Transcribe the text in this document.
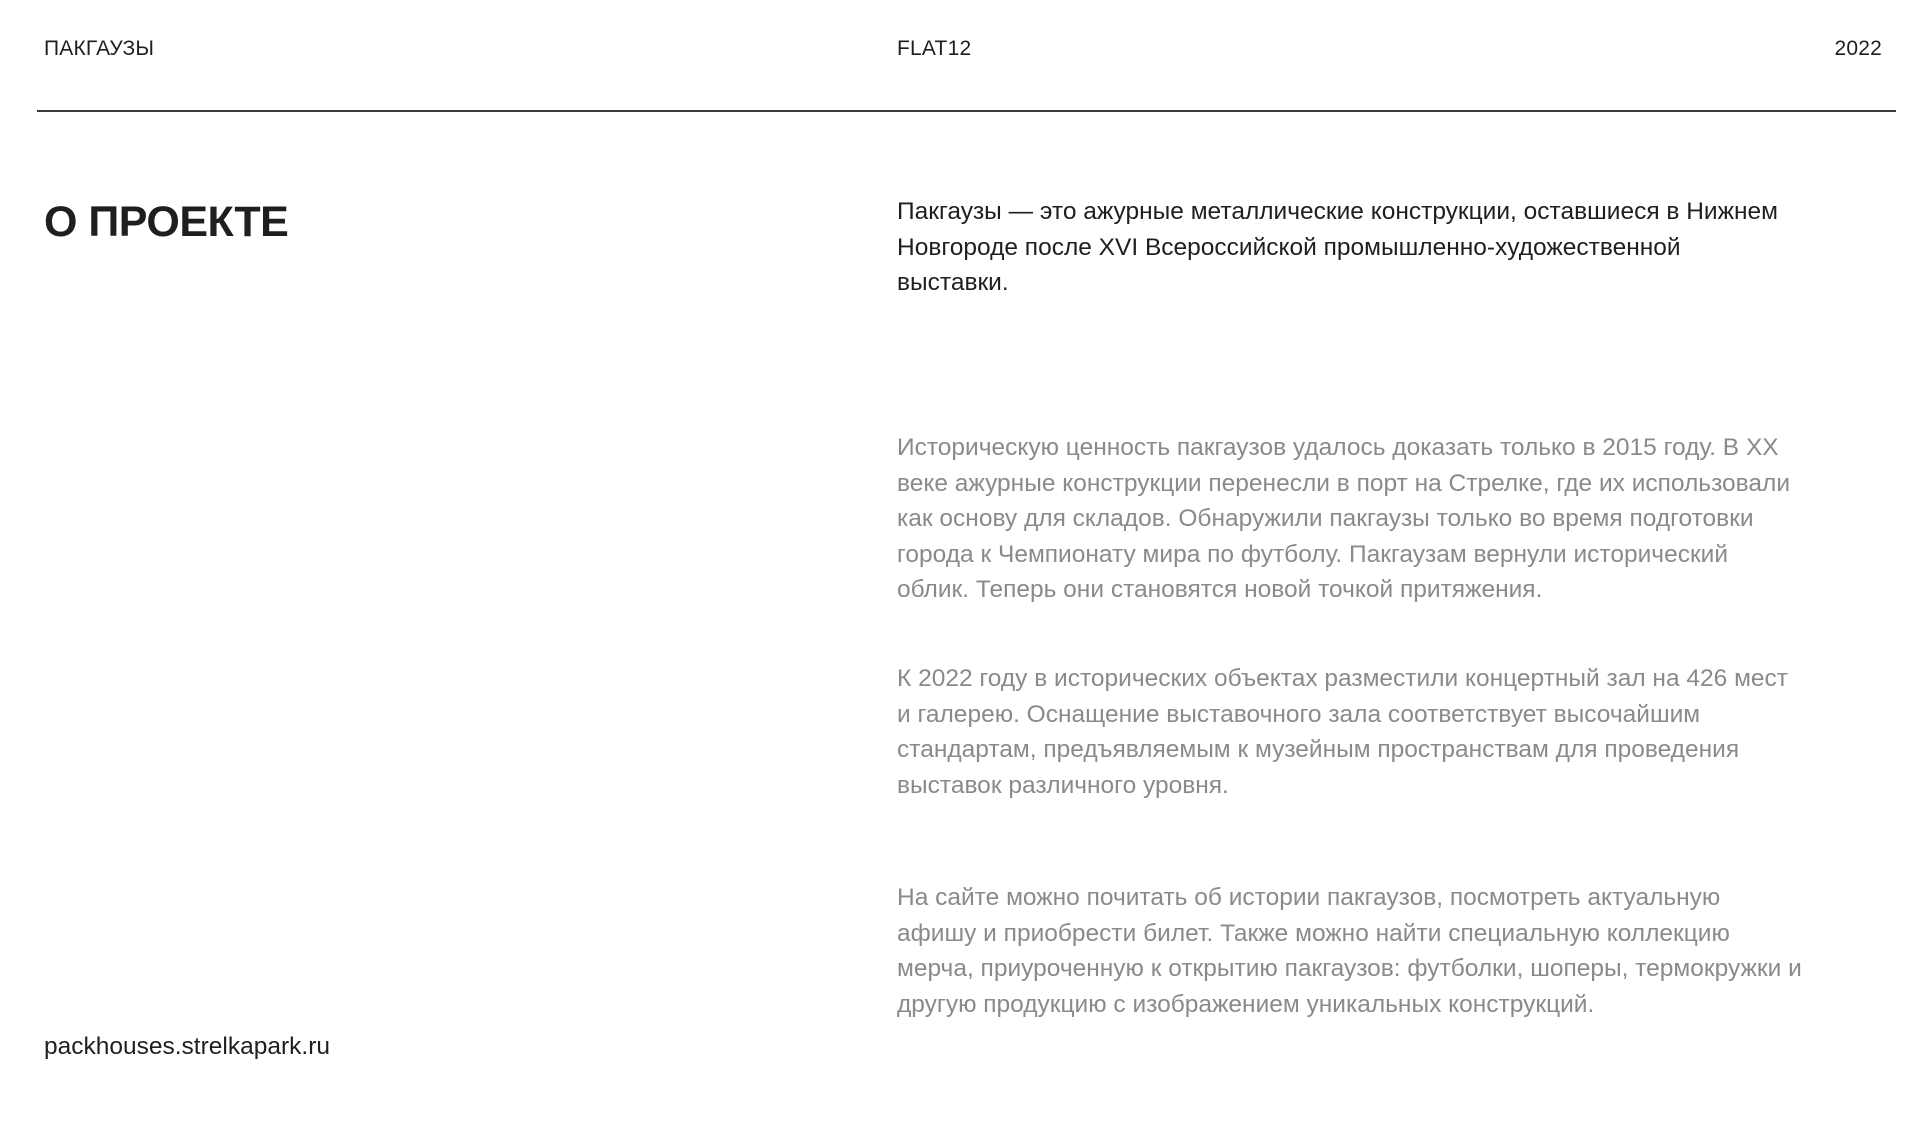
ПАКГАУЗЫ	FLAT12	2022
О ПРОЕКТЕ	Пакгаузы — это ажурные металлические конструкции, оставшиеся в Нижнем Новгороде после XVI Всероссийской промышленно-художественной выставки.

Историческую ценность пакгаузов удалось доказать только в 2015 году. В XX веке ажурные конструкции перенесли в порт на Стрелке, где их использовали как основу для складов. Обнаружили пакгаузы только во время подготовки города к Чемпионату мира по футболу. Пакгаузам вернули исторический облик. Теперь они становятся новой точкой притяжения.

К 2022 году в исторических объектах разместили концертный зал на 426 мест и галерею. Оснащение выставочного зала соответствует высочайшим стандартам, предъявляемым к музейным пространствам для проведения выставок различного уровня.

На сайте можно почитать об истории пакгаузов, посмотреть актуальную афишу и приобрести билет. Также можно найти специальную коллекцию мерча, приуроченную к открытию пакгаузов: футболки, шоперы, термокружки и другую продукцию с изображением уникальных конструкций.

packhouses.strelkapark.ru
